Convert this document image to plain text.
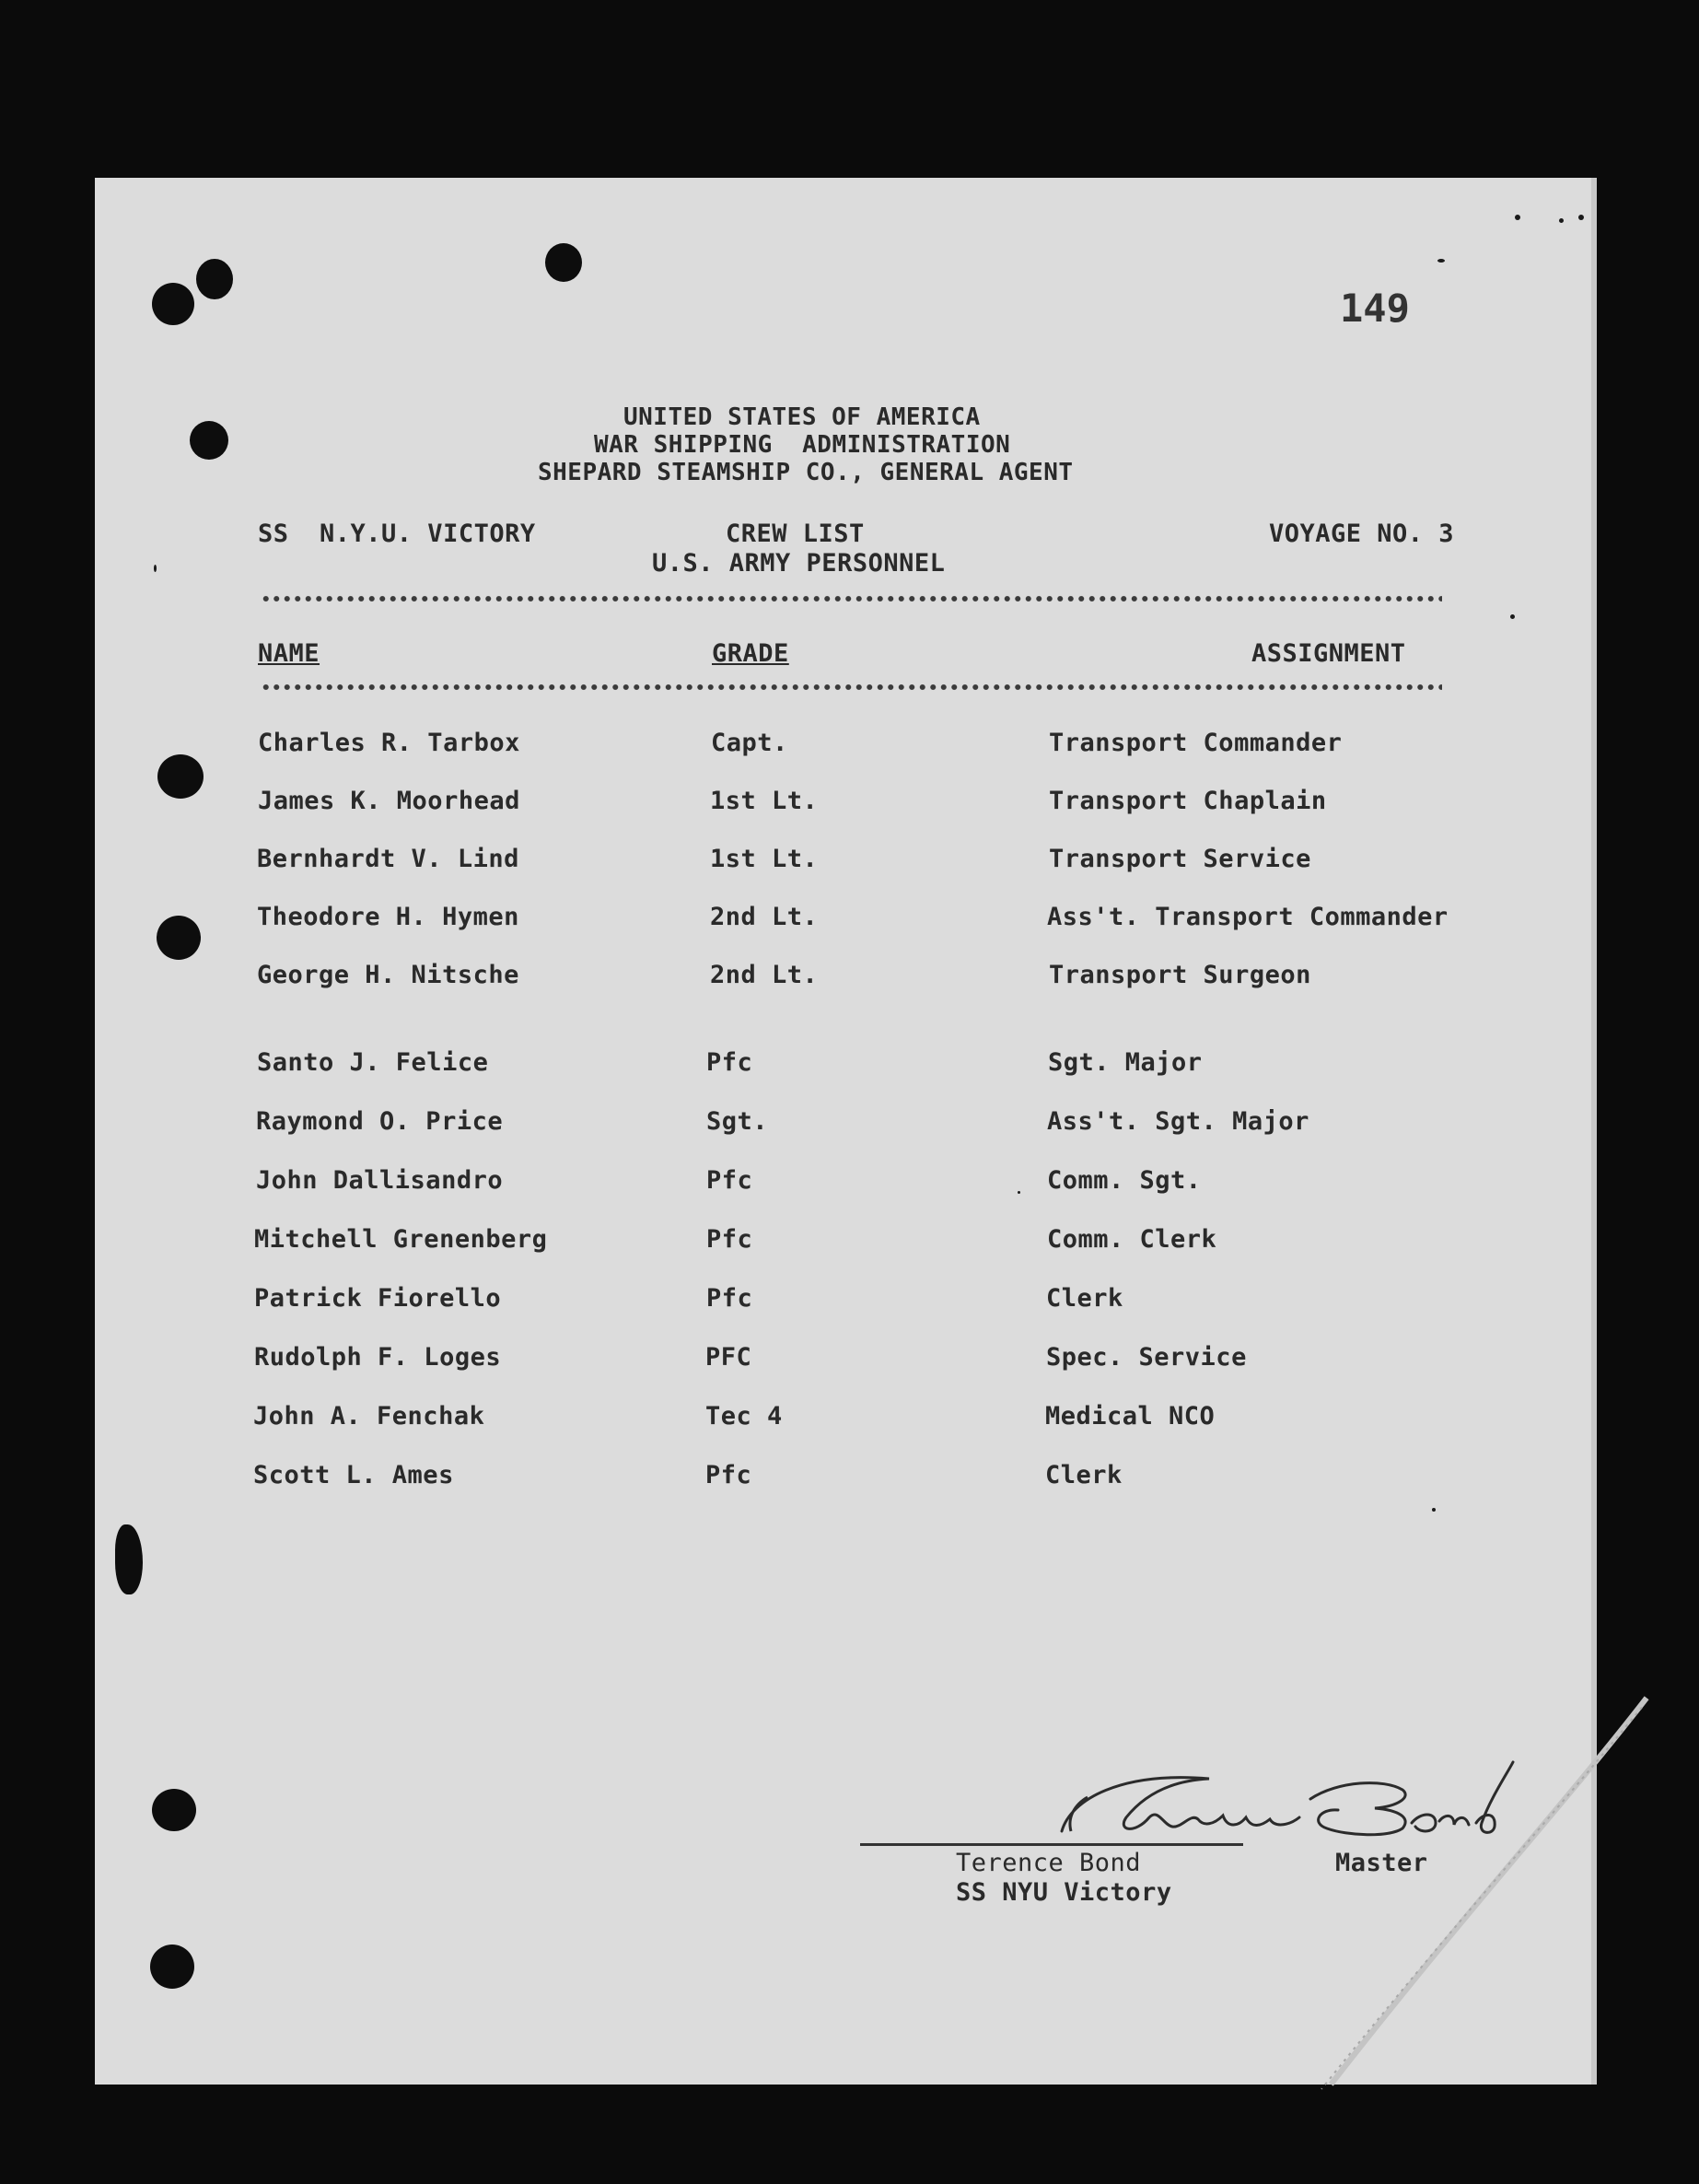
149
UNITED STATES OF AMERICA
WAR SHIPPING  ADMINISTRATION
SHEPARD STEAMSHIP CO., GENERAL AGENT
SS  N.Y.U. VICTORY	CREW LIST
U.S. ARMY PERSONNEL
VOYAGE NO. 3
NAME	GRADE	ASSIGNMENT
Charles R. Tarbox	Capt.	Transport Commander
James K. Moorhead	1st Lt.	Transport Chaplain
Bernhardt V. Lind	1st Lt.	Transport Service
Theodore H. Hymen	2nd Lt.	Ass't. Transport Commander
George H. Nitsche	2nd Lt.	Transport Surgeon
Santo J. Felice	Pfc	Sgt. Major
Raymond O. Price	Sgt.	Ass't. Sgt. Major
John Dallisandro	Pfc	Comm. Sgt.
Mitchell Grenenberg	Pfc	Comm. Clerk
Patrick Fiorello	Pfc	Clerk
Rudolph F. Loges	PFC	Spec. Service
John A. Fenchak	Tec 4	Medical NCO
Scott L. Ames	Pfc	Clerk
Terence Bond	Master
SS NYU Victory
